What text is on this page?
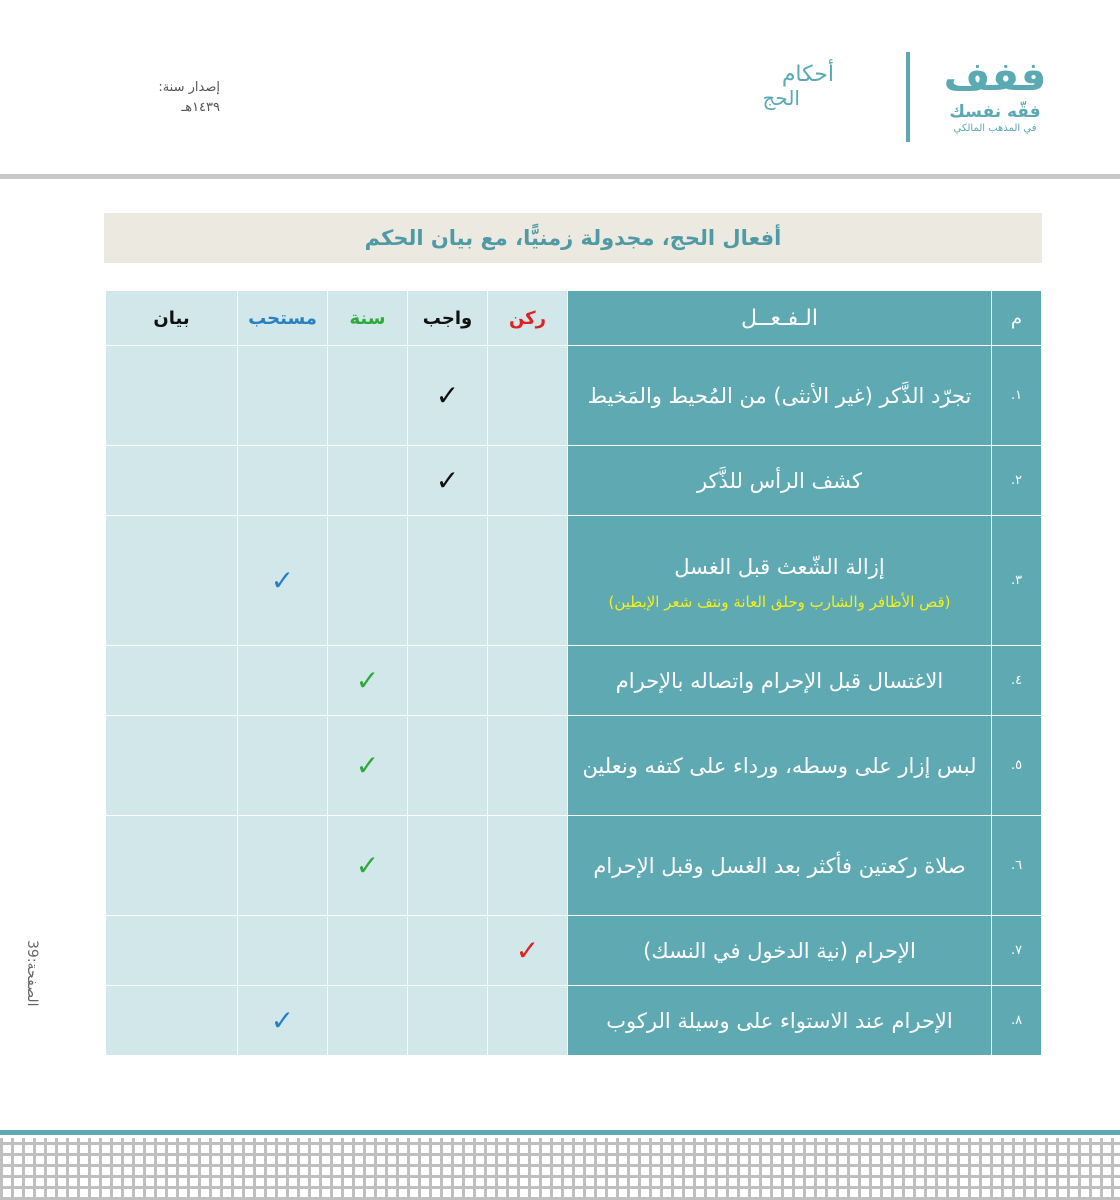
ففف
فقّه نفسك
في المذهب المالكي
أحكام
الحج
إصدار سنة:
١٤٣٩هـ
أفعال الحج، مجدولة زمنيًّا، مع بيان الحكم
م	الـفـعــل	ركن	واجب	سنة	مستحب	بيان
١.	تجرّد الذَّكر (غير الأنثى) من المُحيط والمَخيط		✓			
٢.	كشف الرأس للذَّكر		✓			
٣.	إزالة الشّعث قبل الغسل
(قص الأظافر والشارب وحلق العانة ونتف شعر الإبطين)				✓	
٤.	الاغتسال قبل الإحرام واتصاله بالإحرام			✓		
٥.	لبس إزار على وسطه، ورداء على كتفه ونعلين			✓		
٦.	صلاة ركعتين فأكثر بعد الغسل وقبل الإحرام			✓		
٧.	الإحرام (نية الدخول في النسك)	✓				
٨.	الإحرام عند الاستواء على وسيلة الركوب				✓	
الصفحة:39
